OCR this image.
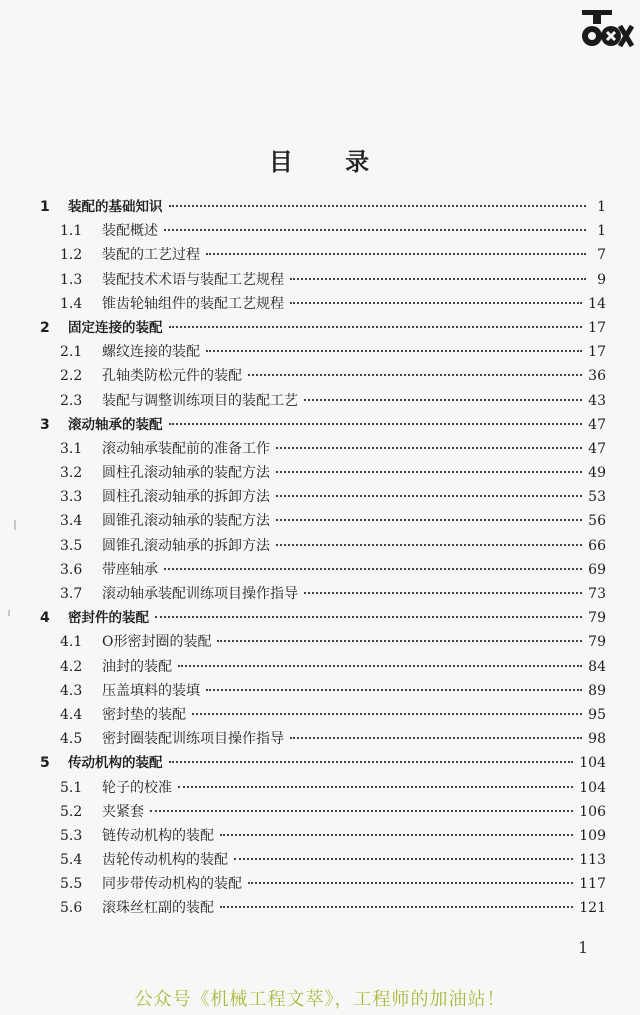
目 录
1	装配的基础知识	1
1.1	装配概述	1
1.2	装配的工艺过程	7
1.3	装配技术术语与装配工艺规程	9
1.4	锥齿轮轴组件的装配工艺规程	14
2	固定连接的装配	17
2.1	螺纹连接的装配	17
2.2	孔轴类防松元件的装配	36
2.3	装配与调整训练项目的装配工艺	43
3	滚动轴承的装配	47
3.1	滚动轴承装配前的准备工作	47
3.2	圆柱孔滚动轴承的装配方法	49
3.3	圆柱孔滚动轴承的拆卸方法	53
3.4	圆锥孔滚动轴承的装配方法	56
3.5	圆锥孔滚动轴承的拆卸方法	66
3.6	带座轴承	69
3.7	滚动轴承装配训练项目操作指导	73
4	密封件的装配	79
4.1	O形密封圈的装配	79
4.2	油封的装配	84
4.3	压盖填料的装填	89
4.4	密封垫的装配	95
4.5	密封圈装配训练项目操作指导	98
5	传动机构的装配	104
5.1	轮子的校准	104
5.2	夹紧套	106
5.3	链传动机构的装配	109
5.4	齿轮传动机构的装配	113
5.5	同步带传动机构的装配	117
5.6	滚珠丝杠副的装配	121
1
公众号《机械工程文萃》，工程师的加油站！
